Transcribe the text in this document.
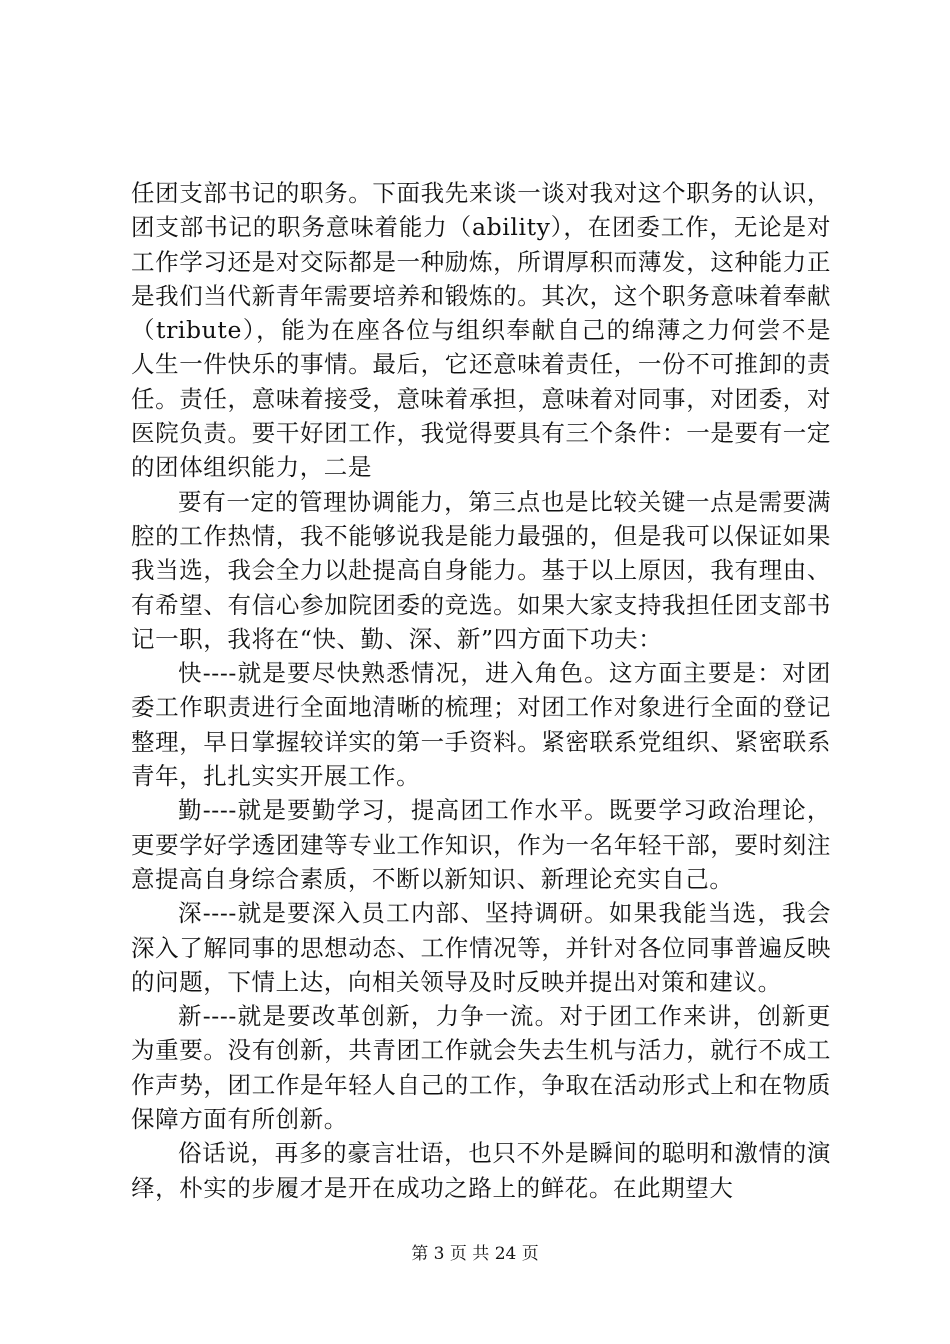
任团支部书记的职务。下面我先来谈一谈对我对这个职务的认识，团支部书记的职务意味着能力（ability），在团委工作，无论是对工作学习还是对交际都是一种励炼，所谓厚积而薄发，这种能力正是我们当代新青年需要培养和锻炼的。其次，这个职务意味着奉献（tribute），能为在座各位与组织奉献自己的绵薄之力何尝不是人生一件快乐的事情。最后，它还意味着责任，一份不可推卸的责任。责任，意味着接受，意味着承担，意味着对同事，对团委，对医院负责。要干好团工作，我觉得要具有三个条件：一是要有一定的团体组织能力，二是

要有一定的管理协调能力，第三点也是比较关键一点是需要满腔的工作热情，我不能够说我是能力最强的，但是我可以保证如果我当选，我会全力以赴提高自身能力。基于以上原因，我有理由、有希望、有信心参加院团委的竞选。如果大家支持我担任团支部书记一职，我将在“快、勤、深、新”四方面下功夫：

快----就是要尽快熟悉情况，进入角色。这方面主要是：对团委工作职责进行全面地清晰的梳理；对团工作对象进行全面的登记整理，早日掌握较详实的第一手资料。紧密联系党组织、紧密联系青年，扎扎实实开展工作。

勤----就是要勤学习，提高团工作水平。既要学习政治理论，更要学好学透团建等专业工作知识，作为一名年轻干部，要时刻注意提高自身综合素质，不断以新知识、新理论充实自己。

深----就是要深入员工内部、坚持调研。如果我能当选，我会深入了解同事的思想动态、工作情况等，并针对各位同事普遍反映的问题，下情上达，向相关领导及时反映并提出对策和建议。

新----就是要改革创新，力争一流。对于团工作来讲，创新更为重要。没有创新，共青团工作就会失去生机与活力，就行不成工作声势，团工作是年轻人自己的工作，争取在活动形式上和在物质保障方面有所创新。

俗话说，再多的豪言壮语，也只不外是瞬间的聪明和激情的演绎，朴实的步履才是开在成功之路上的鲜花。在此期望大

第 3 页 共 24 页
